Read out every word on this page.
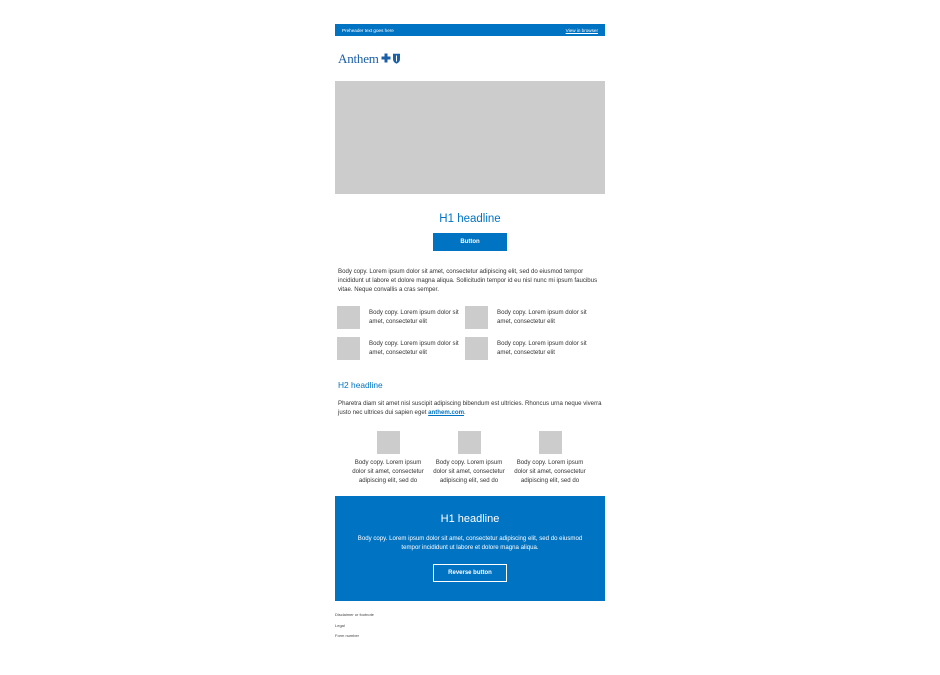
Preheader text goes here	View in browser
Anthem
H1 headline
Button
Body copy. Lorem ipsum dolor sit amet, consectetur adipiscing elit, sed do eiusmod tempor incididunt ut labore et dolore magna aliqua. Sollicitudin tempor id eu nisl nunc mi ipsum faucibus vitae. Neque convallis a cras semper.
Body copy. Lorem ipsum dolor sit amet, consectetur elit
Body copy. Lorem ipsum dolor sit amet, consectetur elit
Body copy. Lorem ipsum dolor sit amet, consectetur elit
Body copy. Lorem ipsum dolor sit amet, consectetur elit
H2 headline
Pharetra diam sit amet nisl suscipit adipiscing bibendum est ultricies. Rhoncus urna neque viverra justo nec ultrices dui sapien eget anthem.com.
Body copy. Lorem ipsum dolor sit amet, consectetur adipiscing elit, sed do
Body copy. Lorem ipsum dolor sit amet, consectetur adipiscing elit, sed do
Body copy. Lorem ipsum dolor sit amet, consectetur adipiscing elit, sed do
H1 headline
Body copy. Lorem ipsum dolor sit amet, consectetur adipiscing elit, sed do eiusmod tempor incididunt ut labore et dolore magna aliqua.
Reverse button
Disclaimer or footnote
Legal
Form number
